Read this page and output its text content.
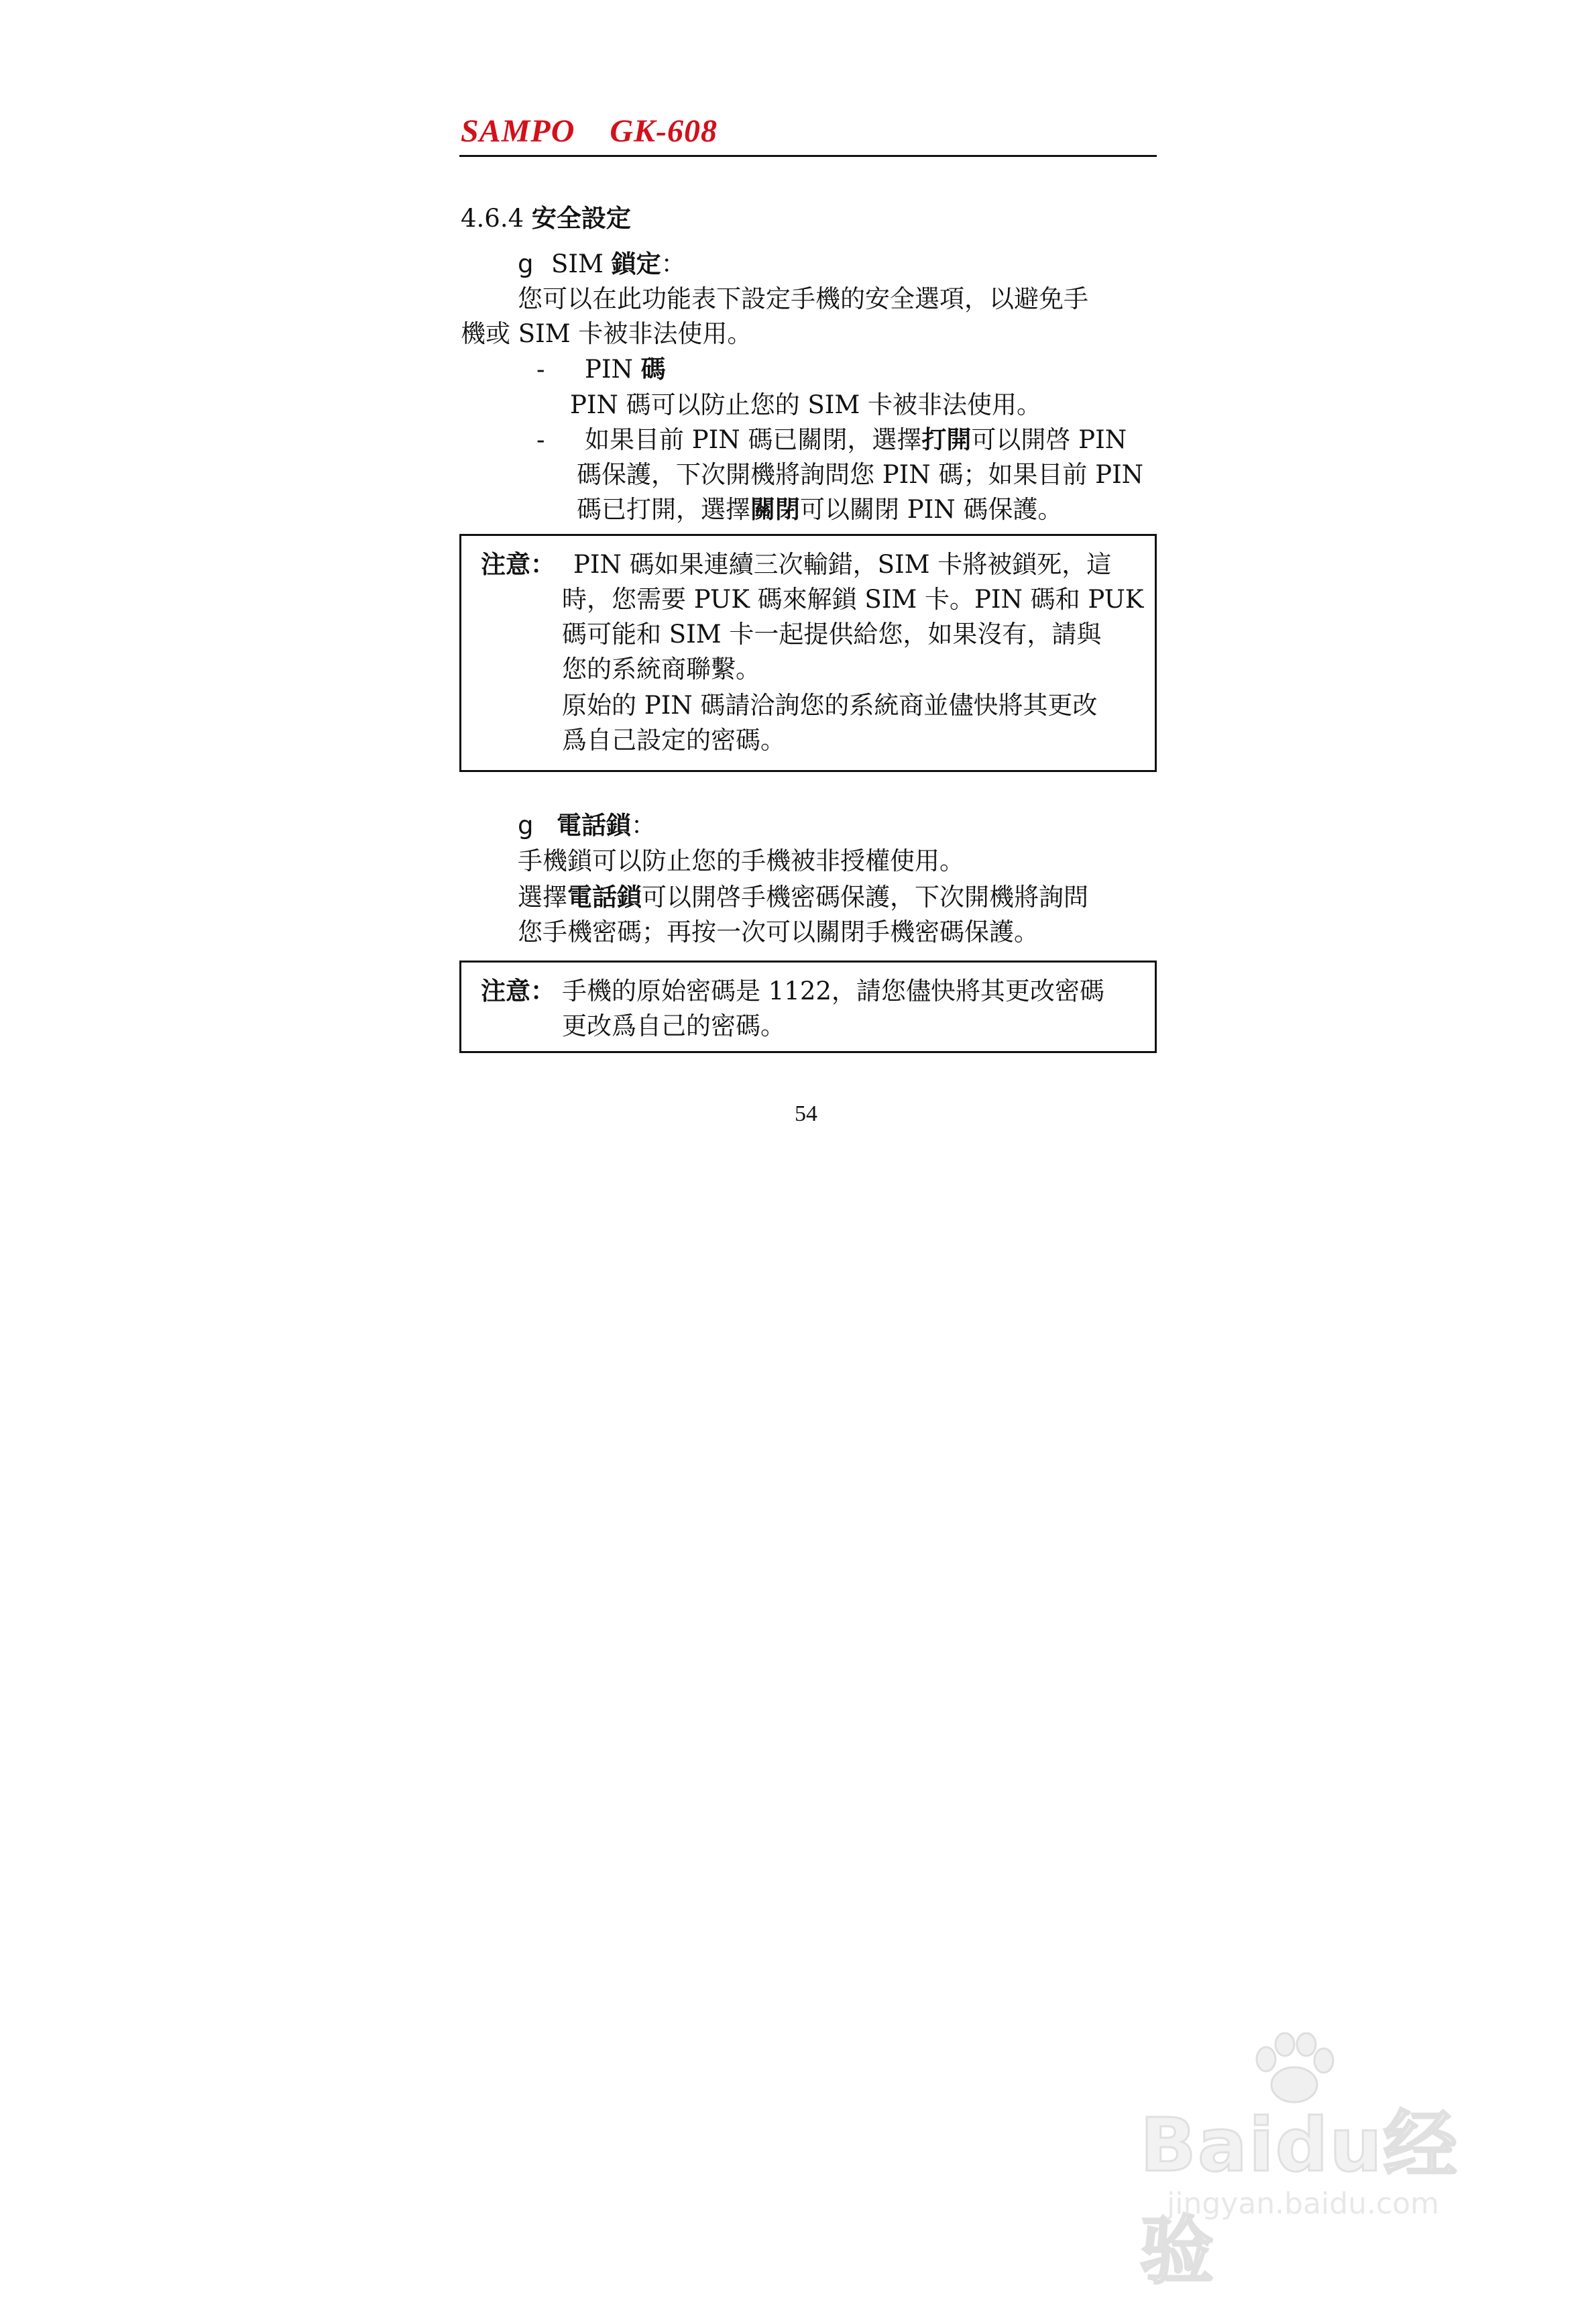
SAMPO    GK-608
4.6.4 安全設定
g SIM 鎖定：
您可以在此功能表下設定手機的安全選項，以避免手
機或 SIM 卡被非法使用。
- PIN 碼
PIN 碼可以防止您的 SIM 卡被非法使用。
- 如果目前 PIN 碼已關閉，選擇打開可以開啓 PIN
碼保護，下次開機將詢問您 PIN 碼；如果目前 PIN
碼已打開，選擇關閉可以關閉 PIN 碼保護。
注意： PIN 碼如果連續三次輸錯，SIM 卡將被鎖死，這
時，您需要 PUK 碼來解鎖 SIM 卡。PIN 碼和 PUK
碼可能和 SIM 卡一起提供給您，如果沒有，請與
您的系統商聯繫。
原始的 PIN 碼請洽詢您的系統商並儘快將其更改
爲自己設定的密碼。
g 電話鎖：
手機鎖可以防止您的手機被非授權使用。
選擇電話鎖可以開啓手機密碼保護，下次開機將詢問
您手機密碼；再按一次可以關閉手機密碼保護。
注意： 手機的原始密碼是 1122，請您儘快將其更改密碼
更改爲自己的密碼。
54
Baidu经验
jingyan.baidu.com
